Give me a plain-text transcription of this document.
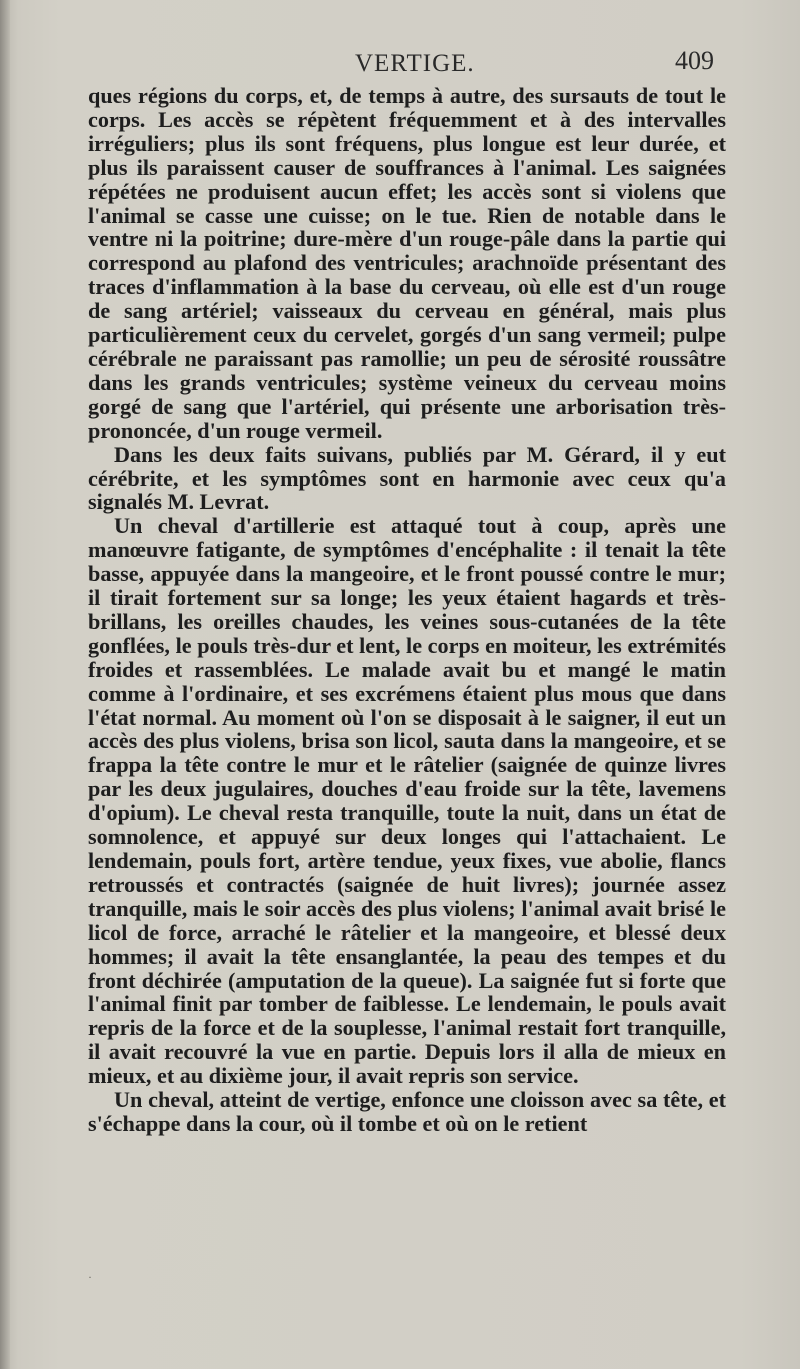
VERTIGE.	409

ques régions du corps, et, de temps à autre, des sursauts de tout le corps. Les accès se répètent fréquemment et à des intervalles irréguliers; plus ils sont fréquens, plus longue est leur durée, et plus ils paraissent causer de souffrances à l'animal. Les saignées répétées ne produisent aucun effet; les accès sont si violens que l'animal se casse une cuisse; on le tue. Rien de notable dans le ventre ni la poitrine; dure-mère d'un rouge-pâle dans la partie qui correspond au plafond des ventricules; arachnoïde présentant des traces d'inflammation à la base du cerveau, où elle est d'un rouge de sang artériel; vaisseaux du cerveau en général, mais plus particulièrement ceux du cervelet, gorgés d'un sang vermeil; pulpe cérébrale ne paraissant pas ramollie; un peu de sérosité roussâtre dans les grands ventricules; système veineux du cerveau moins gorgé de sang que l'artériel, qui présente une arborisation très-prononcée, d'un rouge vermeil.

Dans les deux faits suivans, publiés par M. Gérard, il y eut cérébrite, et les symptômes sont en harmonie avec ceux qu'a signalés M. Levrat.

Un cheval d'artillerie est attaqué tout à coup, après une manœuvre fatigante, de symptômes d'encéphalite : il tenait la tête basse, appuyée dans la mangeoire, et le front poussé contre le mur; il tirait fortement sur sa longe; les yeux étaient hagards et très-brillans, les oreilles chaudes, les veines sous-cutanées de la tête gonflées, le pouls très-dur et lent, le corps en moiteur, les extrémités froides et rassemblées. Le malade avait bu et mangé le matin comme à l'ordinaire, et ses excrémens étaient plus mous que dans l'état normal. Au moment où l'on se disposait à le saigner, il eut un accès des plus violens, brisa son licol, sauta dans la mangeoire, et se frappa la tête contre le mur et le râtelier (saignée de quinze livres par les deux jugulaires, douches d'eau froide sur la tête, lavemens d'opium). Le cheval resta tranquille, toute la nuit, dans un état de somnolence, et appuyé sur deux longes qui l'attachaient. Le lendemain, pouls fort, artère tendue, yeux fixes, vue abolie, flancs retroussés et contractés (saignée de huit livres); journée assez tranquille, mais le soir accès des plus violens; l'animal avait brisé le licol de force, arraché le râtelier et la mangeoire, et blessé deux hommes; il avait la tête ensanglantée, la peau des tempes et du front déchirée (amputation de la queue). La saignée fut si forte que l'animal finit par tomber de faiblesse. Le lendemain, le pouls avait repris de la force et de la souplesse, l'animal restait fort tranquille, il avait recouvré la vue en partie. Depuis lors il alla de mieux en mieux, et au dixième jour, il avait repris son service.

Un cheval, atteint de vertige, enfonce une cloisson avec sa tête, et s'échappe dans la cour, où il tombe et où on le retient

·
